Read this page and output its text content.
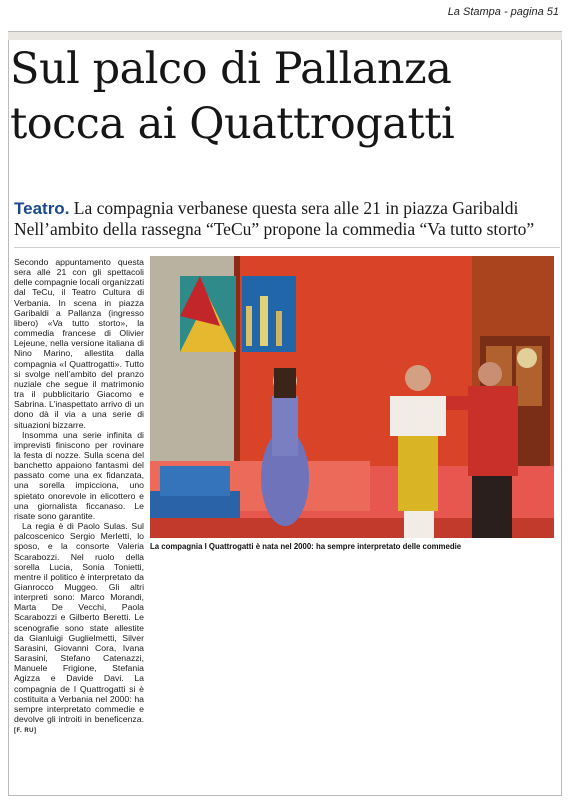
La Stampa - pagina 51
Sul palco di Pallanza
tocca ai Quattrogatti
Teatro. La compagnia verbanese questa sera alle 21 in piazza Garibaldi
Nell’ambito della rassegna “TeCu” propone la commedia “Va tutto storto”

Secondo appuntamento questa sera alle 21 con gli spettacoli delle compagnie locali organizzati dal TeCu, il Teatro Cultura di Verbania. In scena in piazza Garibaldi a Pallanza (ingresso libero) «Va tutto storto», la commedia francese di Olivier Lejeune, nella versione italiana di Nino Marino, allestita dalla compagnia «I Quattrogatti». Tutto si svolge nell’ambito del pranzo nuziale che segue il matrimonio tra il pubblicitario Giacomo e Sabrina. L’inaspettato arrivo di un dono dà il via a una serie di situazioni bizzarre.

Insomma una serie infinita di imprevisti finiscono per rovinare la festa di nozze. Sulla scena del banchetto appaiono fantasmi del passato come una ex fidanzata, una sorella impicciona, uno spietato onorevole in elicottero e una giornalista ficcanaso. Le risate sono garantite.

La regia è di Paolo Sulas. Sul palcoscenico Sergio Merletti, lo sposo, e la consorte Valeria Scarabozzi. Nel ruolo della sorella Lucia, Sonia Tonietti, mentre il politico è interpretato da Gianrocco Muggeo. Gli altri interpreti sono: Marco Morandi, Marta De Vecchi, Paola Scarabozzi e Gilberto Beretti. Le scenografie sono state allestite da Gianluigi Guglielmetti, Silver Sarasini, Giovanni Cora, Ivana Sarasini, Stefano Catenazzi, Manuele Frigione, Stefania Agizza e Davide Davi. La compagnia de I Quattrogatti si è costituita a Verbania nel 2000: ha sempre interpretato commedie e devolve gli introiti in beneficenza. [F. RU]

La compagnia I Quattrogatti è nata nel 2000: ha sempre interpretato delle commedie
